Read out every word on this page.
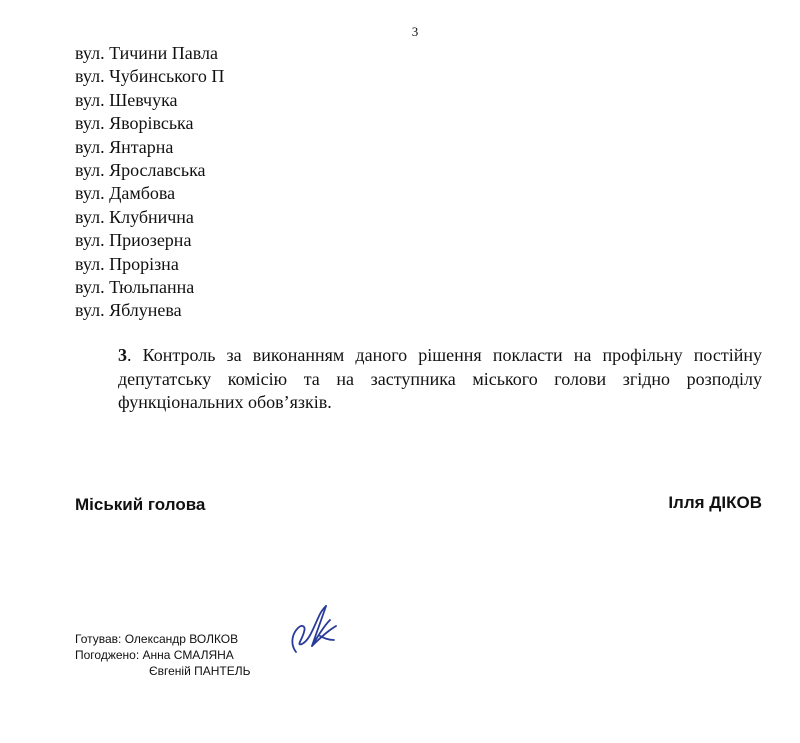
3
вул. Тичини Павла
вул. Чубинського П
вул. Шевчука
вул. Яворівська
вул. Янтарна
вул. Ярославська
вул. Дамбова
вул. Клубнична
вул. Приозерна
вул. Прорізна
вул. Тюльпанна
вул. Яблунева

3. Контроль за виконанням даного рішення покласти на профільну постійну депутатську комісію та на заступника міського голови згідно розподілу функціональних обов’язків.

Міський голова	Ілля ДІКОВ
Готував: Олександр ВОЛКОВ
Погоджено: Анна СМАЛЯНА
Євгеній ПАНТЕЛЬ
